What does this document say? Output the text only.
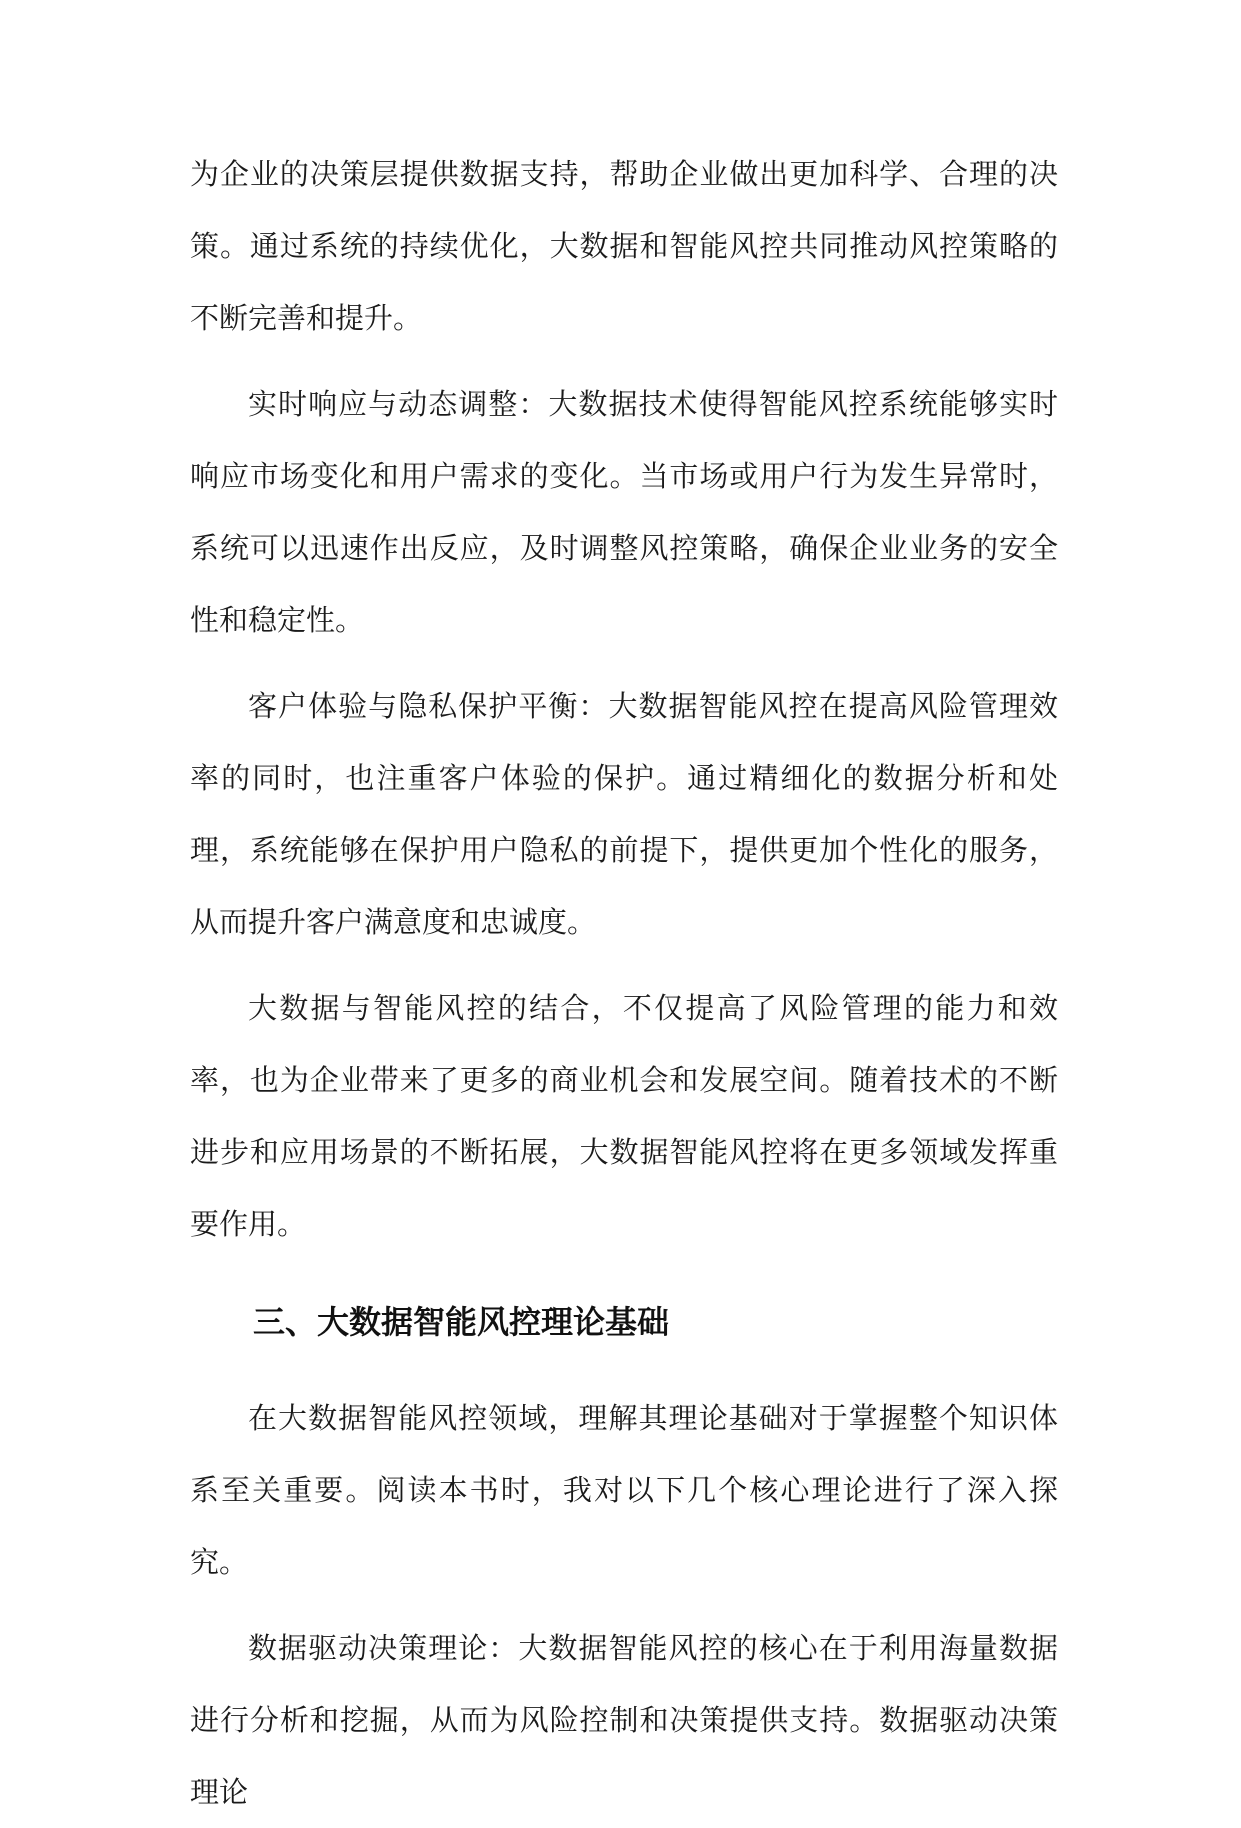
为企业的决策层提供数据支持，帮助企业做出更加科学、合理的决策。通过系统的持续优化，大数据和智能风控共同推动风控策略的不断完善和提升。

实时响应与动态调整：大数据技术使得智能风控系统能够实时响应市场变化和用户需求的变化。当市场或用户行为发生异常时，系统可以迅速作出反应，及时调整风控策略，确保企业业务的安全性和稳定性。

客户体验与隐私保护平衡：大数据智能风控在提高风险管理效率的同时，也注重客户体验的保护。通过精细化的数据分析和处理，系统能够在保护用户隐私的前提下，提供更加个性化的服务，从而提升客户满意度和忠诚度。

大数据与智能风控的结合，不仅提高了风险管理的能力和效率，也为企业带来了更多的商业机会和发展空间。随着技术的不断进步和应用场景的不断拓展，大数据智能风控将在更多领域发挥重要作用。

三、大数据智能风控理论基础

在大数据智能风控领域，理解其理论基础对于掌握整个知识体系至关重要。阅读本书时，我对以下几个核心理论进行了深入探究。

数据驱动决策理论：大数据智能风控的核心在于利用海量数据进行分析和挖掘，从而为风险控制和决策提供支持。数据驱动决策理论
